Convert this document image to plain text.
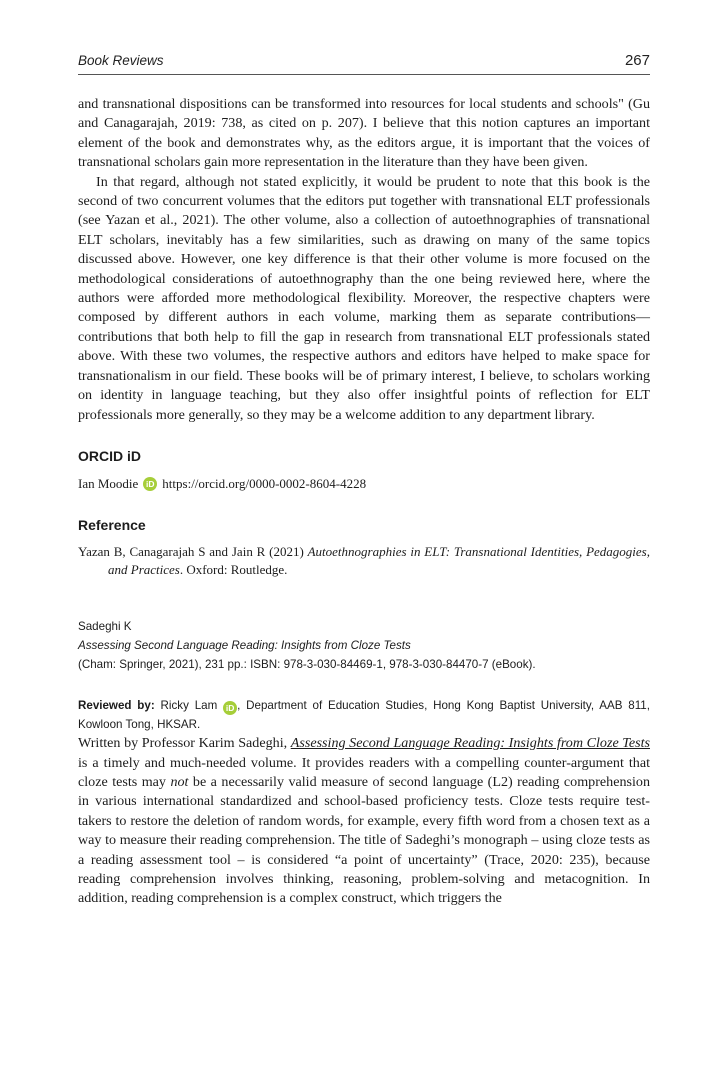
Book Reviews	267

and transnational dispositions can be transformed into resources for local students and schools" (Gu and Canagarajah, 2019: 738, as cited on p. 207). I believe that this notion captures an important element of the book and demonstrates why, as the editors argue, it is important that the voices of transnational scholars gain more representation in the literature than they have been given.

In that regard, although not stated explicitly, it would be prudent to note that this book is the second of two concurrent volumes that the editors put together with transnational ELT professionals (see Yazan et al., 2021). The other volume, also a collection of autoethnographies of transnational ELT scholars, inevitably has a few similarities, such as drawing on many of the same topics discussed above. However, one key difference is that their other volume is more focused on the methodological considerations of autoethnography than the one being reviewed here, where the authors were afforded more methodological flexibility. Moreover, the respective chapters were composed by different authors in each volume, marking them as separate contributions—contributions that both help to fill the gap in research from transnational ELT professionals stated above. With these two volumes, the respective authors and editors have helped to make space for transnationalism in our field. These books will be of primary interest, I believe, to scholars working on identity in language teaching, but they also offer insightful points of reflection for ELT professionals more generally, so they may be a welcome addition to any department library.

ORCID iD
Ian Moodie iD https://orcid.org/0000-0002-8604-4228
Reference
Yazan B, Canagarajah S and Jain R (2021) Autoethnographies in ELT: Transnational Identities, Pedagogies, and Practices. Oxford: Routledge.
Sadeghi K
Assessing Second Language Reading: Insights from Cloze Tests
(Cham: Springer, 2021), 231 pp.: ISBN: 978-3-030-84469-1, 978-3-030-84470-7 (eBook).
Reviewed by: Ricky Lam iD , Department of Education Studies, Hong Kong Baptist University, AAB 811, Kowloon Tong, HKSAR.

Written by Professor Karim Sadeghi, Assessing Second Language Reading: Insights from Cloze Tests is a timely and much-needed volume. It provides readers with a compelling counter-argument that cloze tests may not be a necessarily valid measure of second language (L2) reading comprehension in various international standardized and school-based proficiency tests. Cloze tests require test-takers to restore the deletion of random words, for example, every fifth word from a chosen text as a way to measure their reading comprehension. The title of Sadeghi’s monograph – using cloze tests as a reading assessment tool – is considered “a point of uncertainty” (Trace, 2020: 235), because reading comprehension involves thinking, reasoning, problem-solving and metacognition. In addition, reading comprehension is a complex construct, which triggers the
